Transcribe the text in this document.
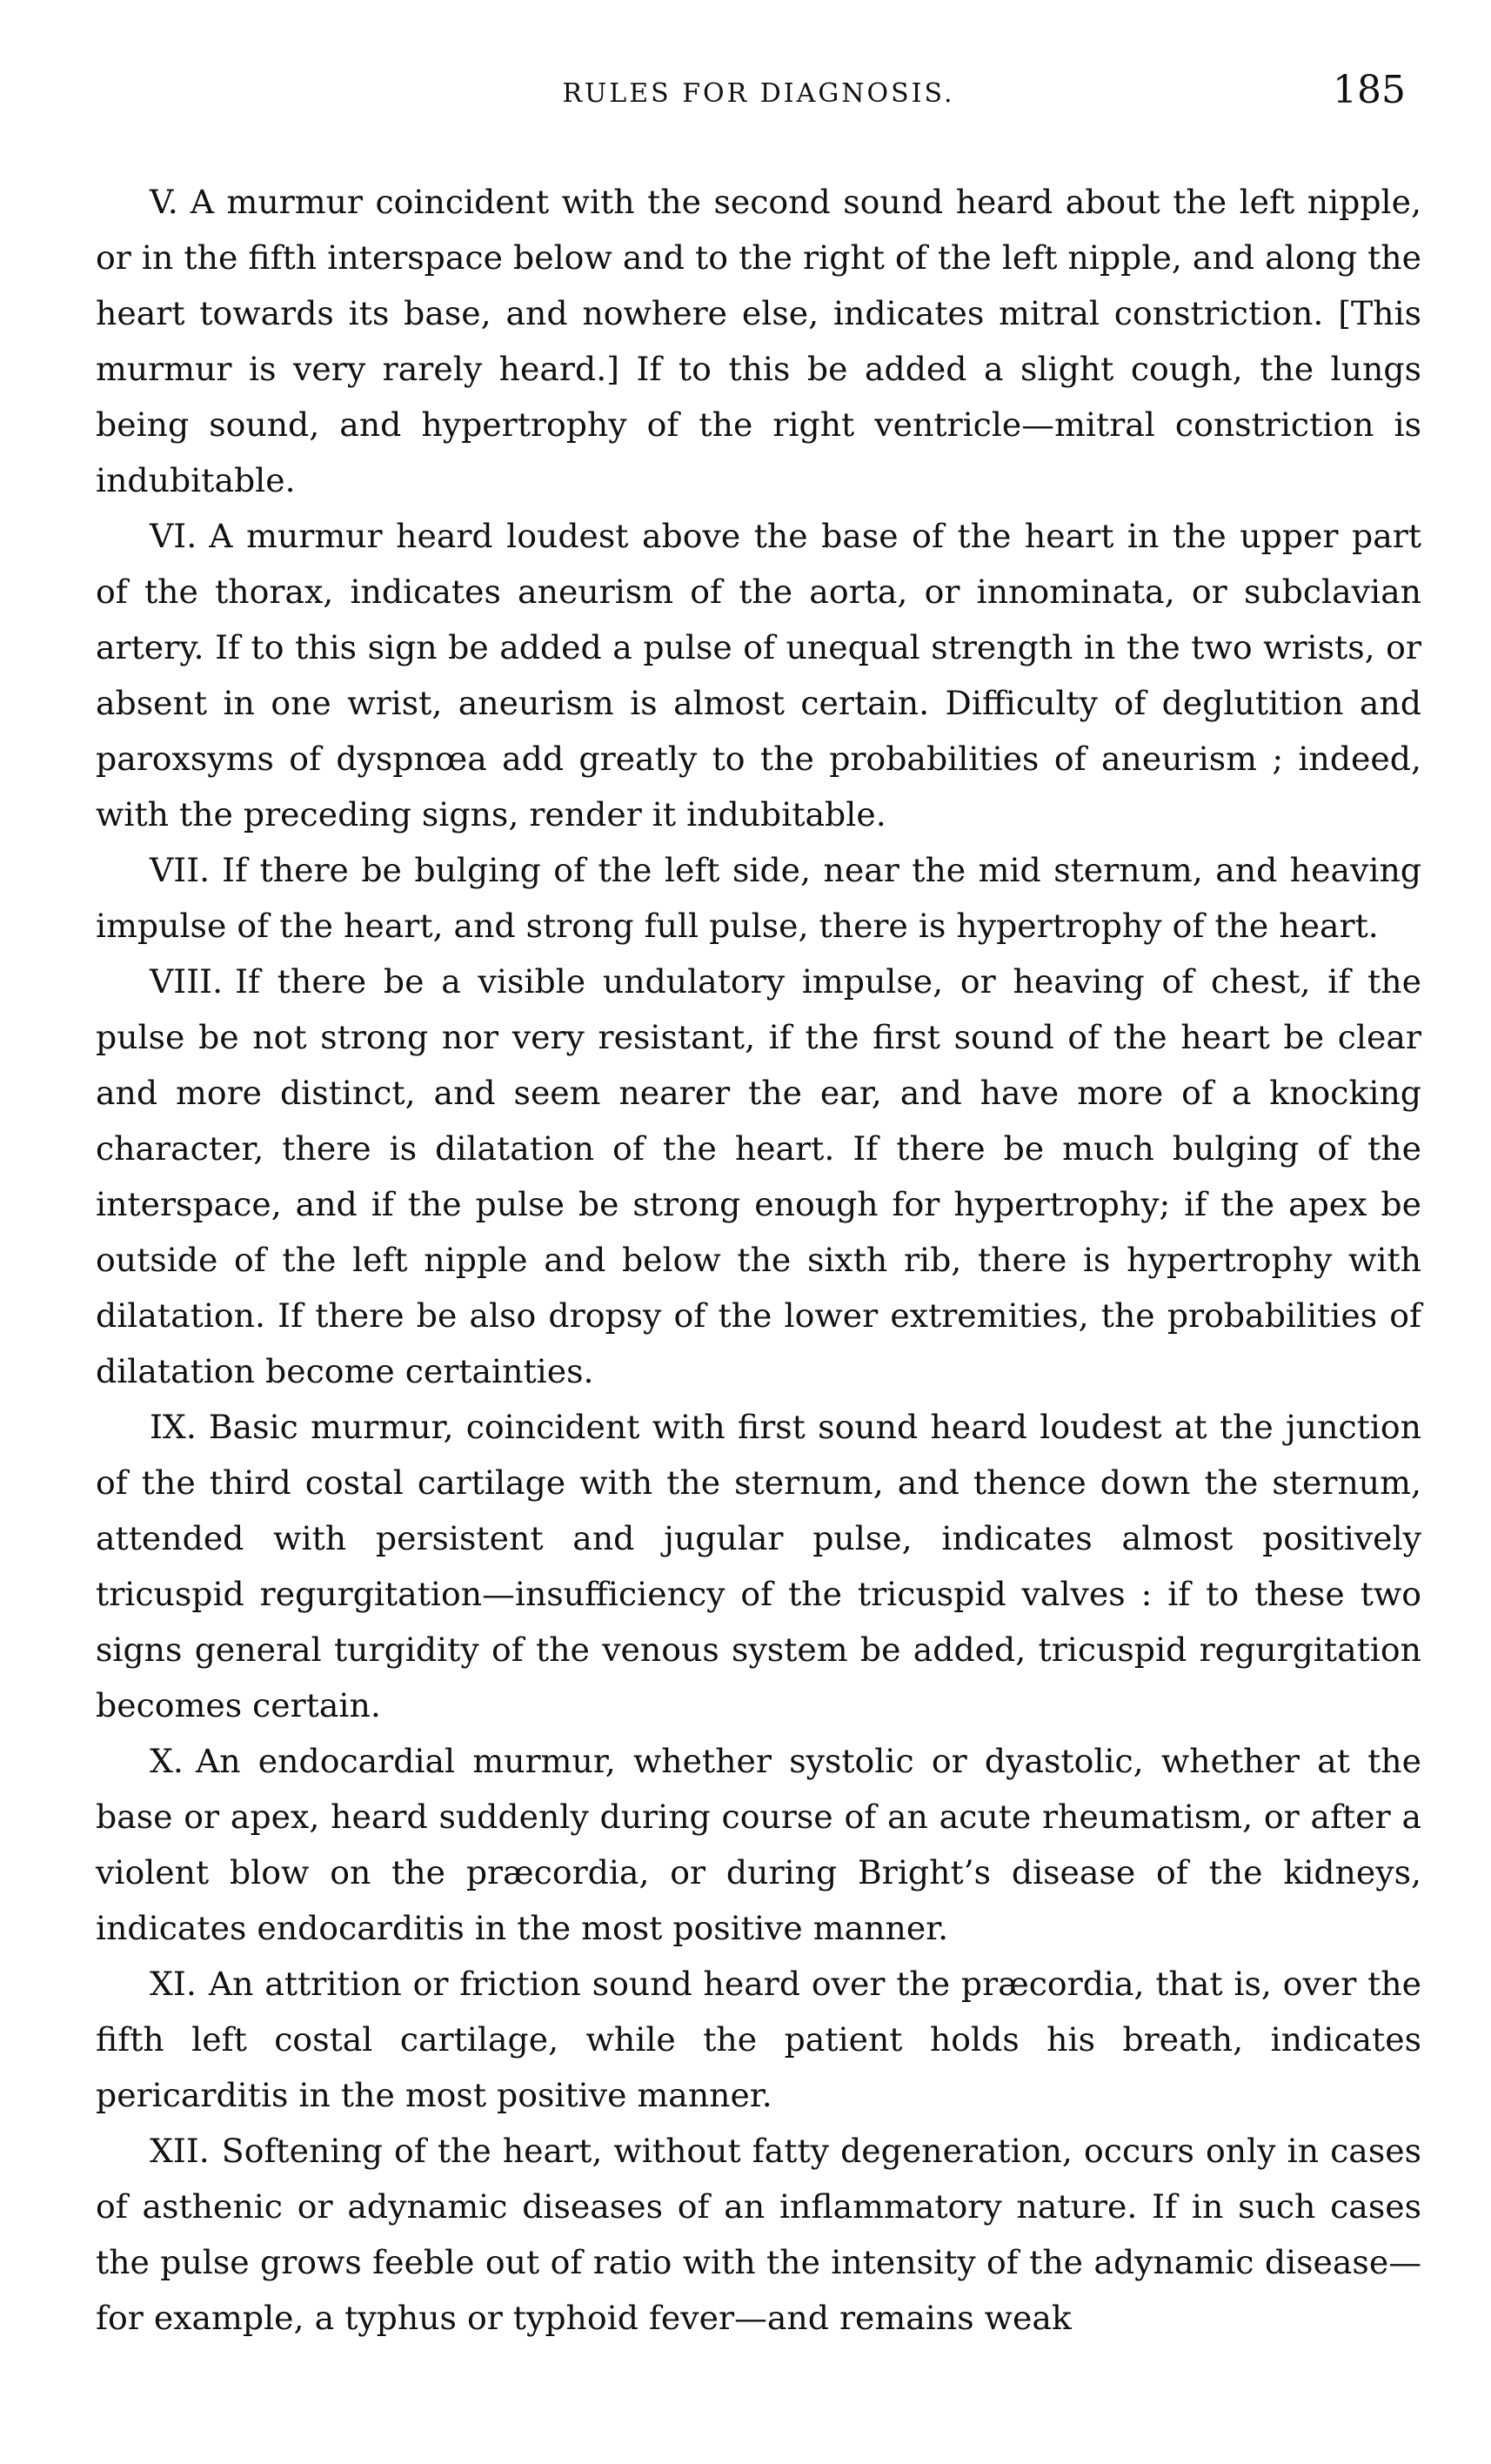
RULES FOR DIAGNOSIS.	185

V. A murmur coincident with the second sound heard about the left nipple, or in the fifth interspace below and to the right of the left nipple, and along the heart towards its base, and nowhere else, indicates mitral constriction. [This murmur is very rarely heard.] If to this be added a slight cough, the lungs being sound, and hypertrophy of the right ventricle—mitral constriction is indubitable.

VI. A murmur heard loudest above the base of the heart in the upper part of the thorax, indicates aneurism of the aorta, or innominata, or subclavian artery. If to this sign be added a pulse of unequal strength in the two wrists, or absent in one wrist, aneurism is almost certain. Difficulty of deglutition and paroxsyms of dyspnœa add greatly to the probabilities of aneurism ; indeed, with the preceding signs, render it indubitable.

VII. If there be bulging of the left side, near the mid sternum, and heaving impulse of the heart, and strong full pulse, there is hypertrophy of the heart.

VIII. If there be a visible undulatory impulse, or heaving of chest, if the pulse be not strong nor very resistant, if the first sound of the heart be clear and more distinct, and seem nearer the ear, and have more of a knocking character, there is dilatation of the heart. If there be much bulging of the interspace, and if the pulse be strong enough for hypertrophy; if the apex be outside of the left nipple and below the sixth rib, there is hypertrophy with dilatation. If there be also dropsy of the lower extremities, the probabilities of dilatation become certainties.

IX. Basic murmur, coincident with first sound heard loudest at the junction of the third costal cartilage with the sternum, and thence down the sternum, attended with persistent and jugular pulse, indicates almost positively tricuspid regurgitation—insufficiency of the tricuspid valves : if to these two signs general turgidity of the venous system be added, tricuspid regurgitation becomes certain.

X. An endocardial murmur, whether systolic or dyastolic, whether at the base or apex, heard suddenly during course of an acute rheumatism, or after a violent blow on the præcordia, or during Bright’s disease of the kidneys, indicates endocarditis in the most positive manner.

XI. An attrition or friction sound heard over the præcordia, that is, over the fifth left costal cartilage, while the patient holds his breath, indicates pericarditis in the most positive manner.

XII. Softening of the heart, without fatty degeneration, occurs only in cases of asthenic or adynamic diseases of an inflammatory nature. If in such cases the pulse grows feeble out of ratio with the intensity of the adynamic disease—for example, a typhus or typhoid fever—and remains weak
